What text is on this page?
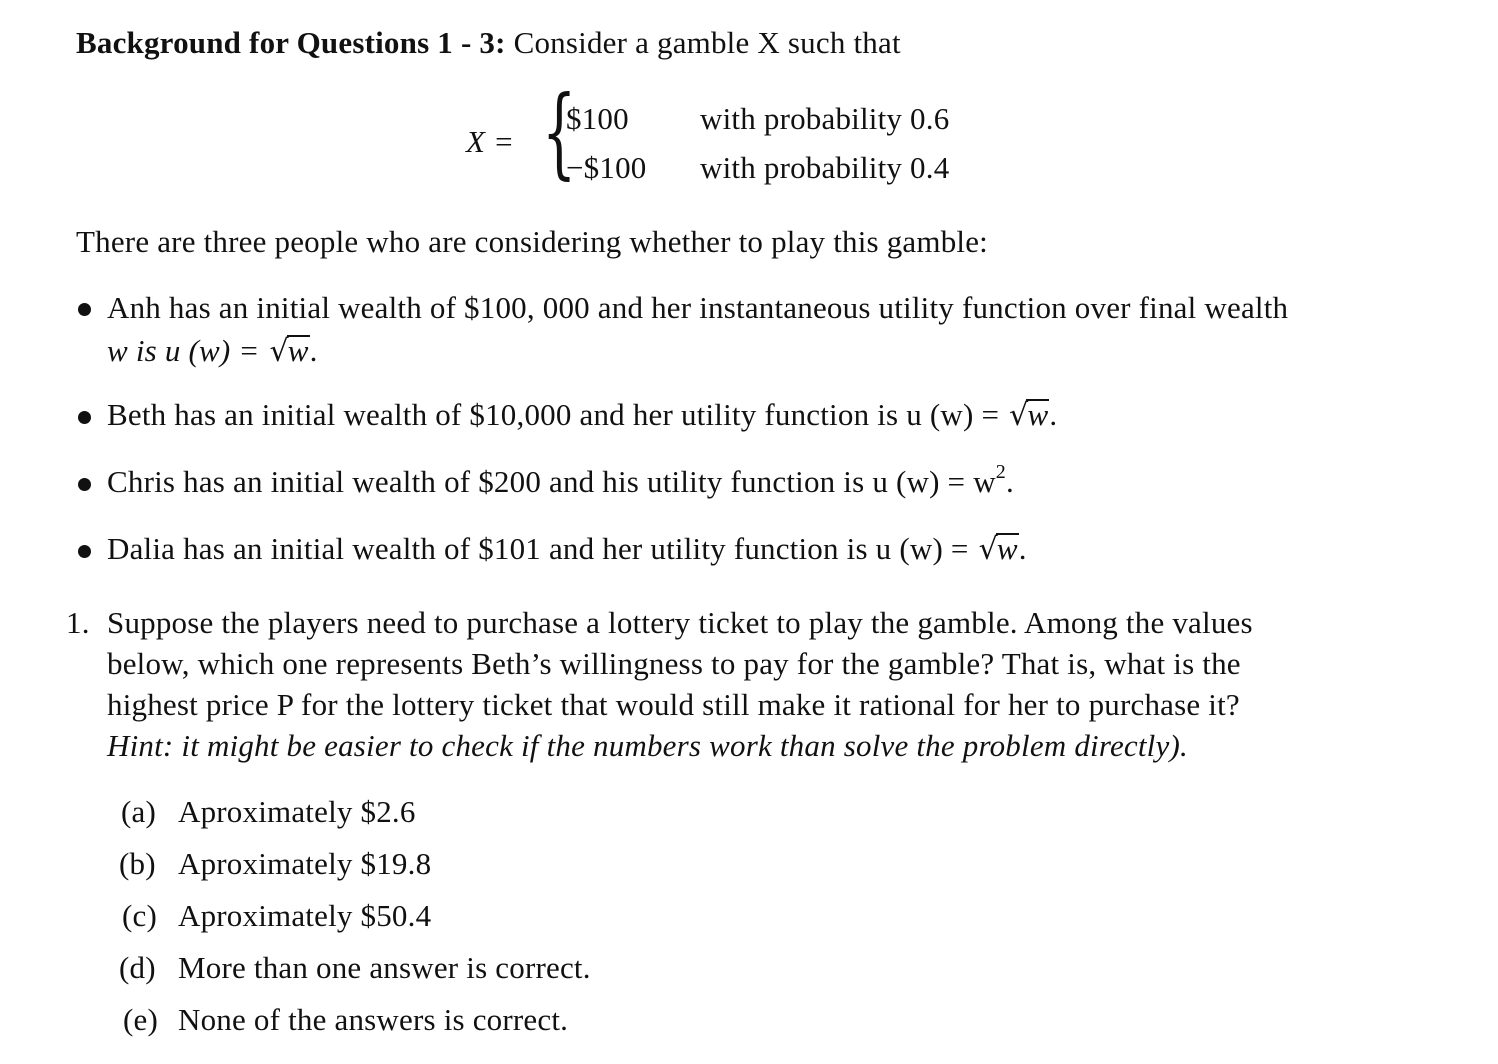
Background for Questions 1 - 3: Consider a gamble X such that
X = {
$100 with probability 0.6
−$100 with probability 0.4
There are three people who are considering whether to play this gamble:
Anh has an initial wealth of $100, 000 and her instantaneous utility function over final wealth
w is u (w) = √w.
Beth has an initial wealth of $10,000 and her utility function is u (w) = √w.
Chris has an initial wealth of $200 and his utility function is u $(w) = w^2$.
Dalia has an initial wealth of $101 and her utility function is u (w) = √w.
1. Suppose the players need to purchase a lottery ticket to play the gamble. Among the values
below, which one represents Beth’s willingness to pay for the gamble? That is, what is the
highest price P for the lottery ticket that would still make it rational for her to purchase it?
Hint: it might be easier to check if the numbers work than solve the problem directly).
(a) Aproximately $2.6
(b) Aproximately $19.8
(c) Aproximately $50.4
(d) More than one answer is correct.
(e) None of the answers is correct.
